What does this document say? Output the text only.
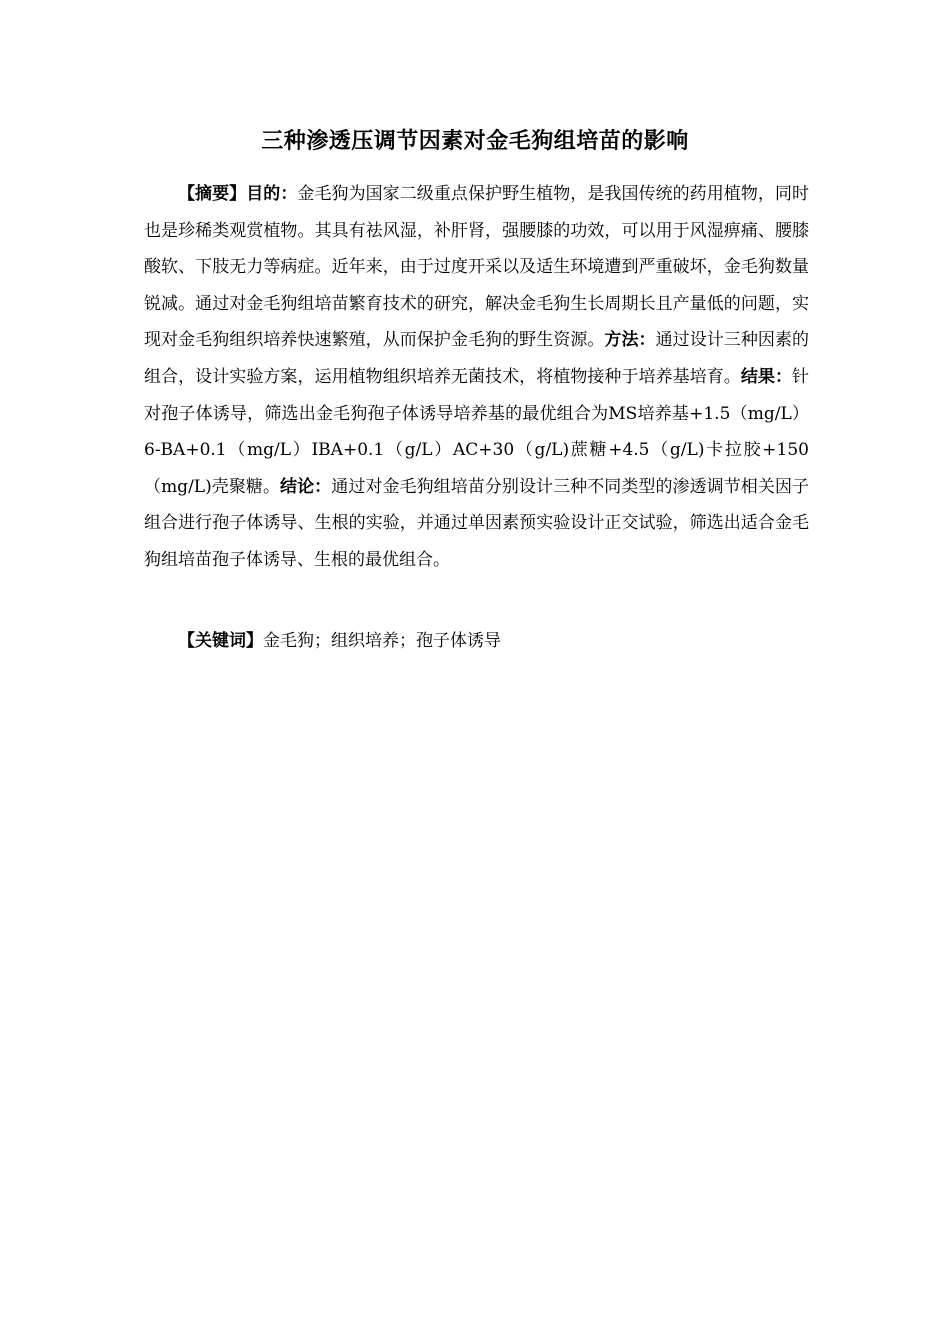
三种渗透压调节因素对金毛狗组培苗的影响

【摘要】目的：金毛狗为国家二级重点保护野生植物，是我国传统的药用植物，同时也是珍稀类观赏植物。其具有祛风湿，补肝肾，强腰膝的功效，可以用于风湿痹痛、腰膝酸软、下肢无力等病症。近年来，由于过度开采以及适生环境遭到严重破坏，金毛狗数量锐减。通过对金毛狗组培苗繁育技术的研究，解决金毛狗生长周期长且产量低的问题，实现对金毛狗组织培养快速繁殖，从而保护金毛狗的野生资源。方法：通过设计三种因素的组合，设计实验方案，运用植物组织培养无菌技术，将植物接种于培养基培育。结果：针对孢子体诱导，筛选出金毛狗孢子体诱导培养基的最优组合为MS培养基+1.5（mg/L）6-BA+0.1（mg/L）IBA+0.1（g/L）AC+30（g/L)蔗糖+4.5（g/L)卡拉胶+150（mg/L)壳聚糖。结论：通过对金毛狗组培苗分别设计三种不同类型的渗透调节相关因子组合进行孢子体诱导、生根的实验，并通过单因素预实验设计正交试验，筛选出适合金毛狗组培苗孢子体诱导、生根的最优组合。

【关键词】金毛狗；组织培养；孢子体诱导
